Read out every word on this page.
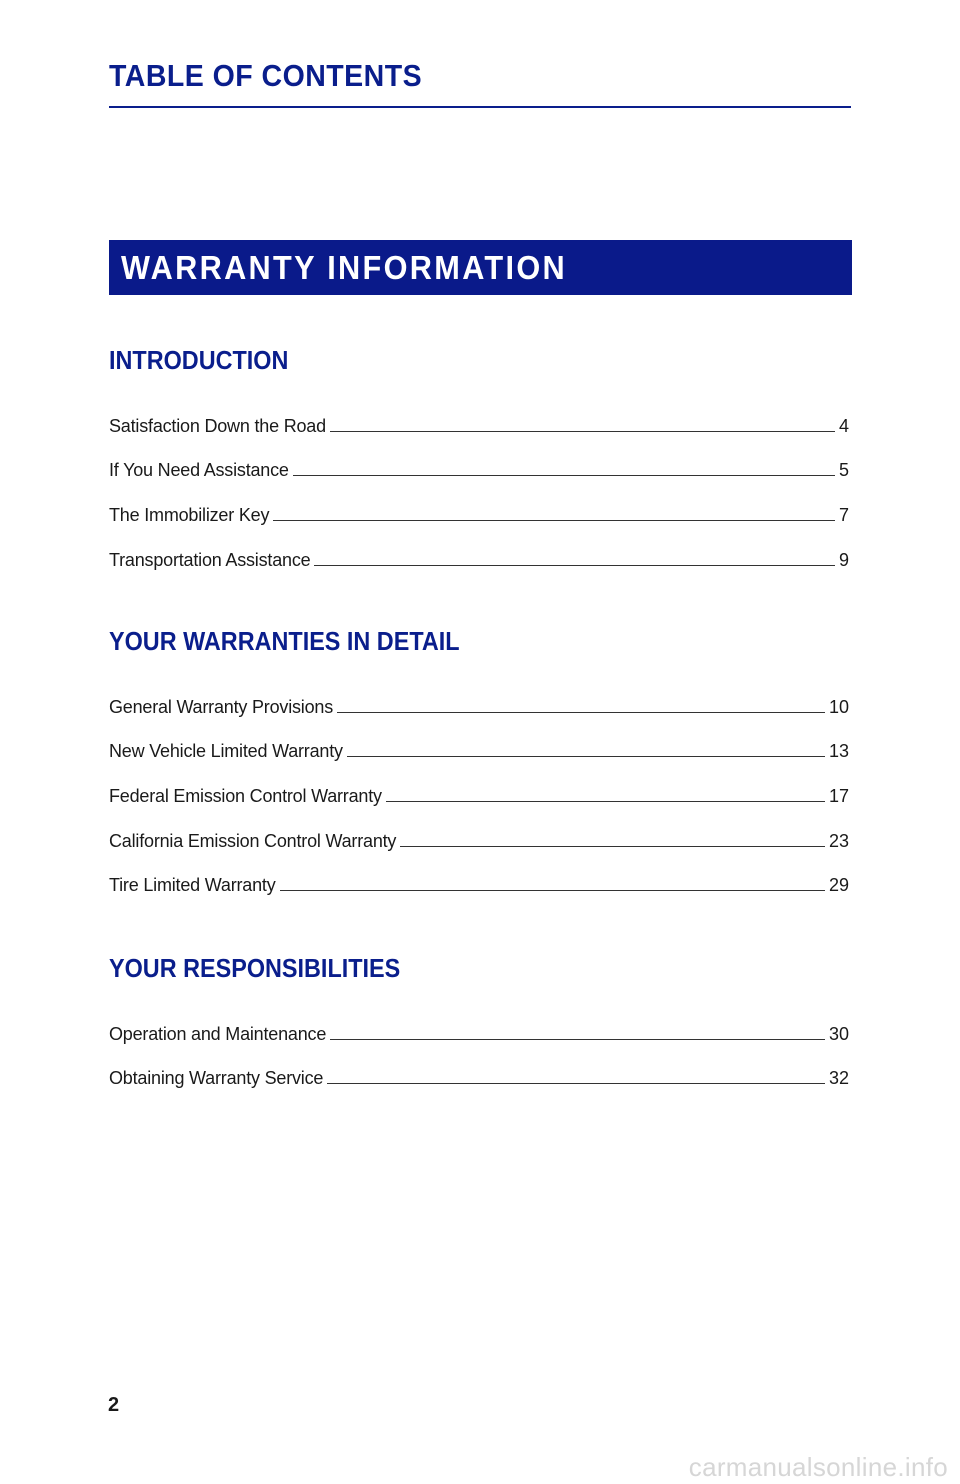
TABLE OF CONTENTS
WARRANTY INFORMATION
INTRODUCTION
Satisfaction Down the Road	4
If You Need Assistance	5
The Immobilizer Key	7
Transportation Assistance	9
YOUR WARRANTIES IN DETAIL
General Warranty Provisions	10
New Vehicle Limited Warranty	13
Federal Emission Control Warranty	17
California Emission Control Warranty	23
Tire Limited Warranty	29
YOUR RESPONSIBILITIES
Operation and Maintenance	30
Obtaining Warranty Service	32
2
carmanualsonline.info
